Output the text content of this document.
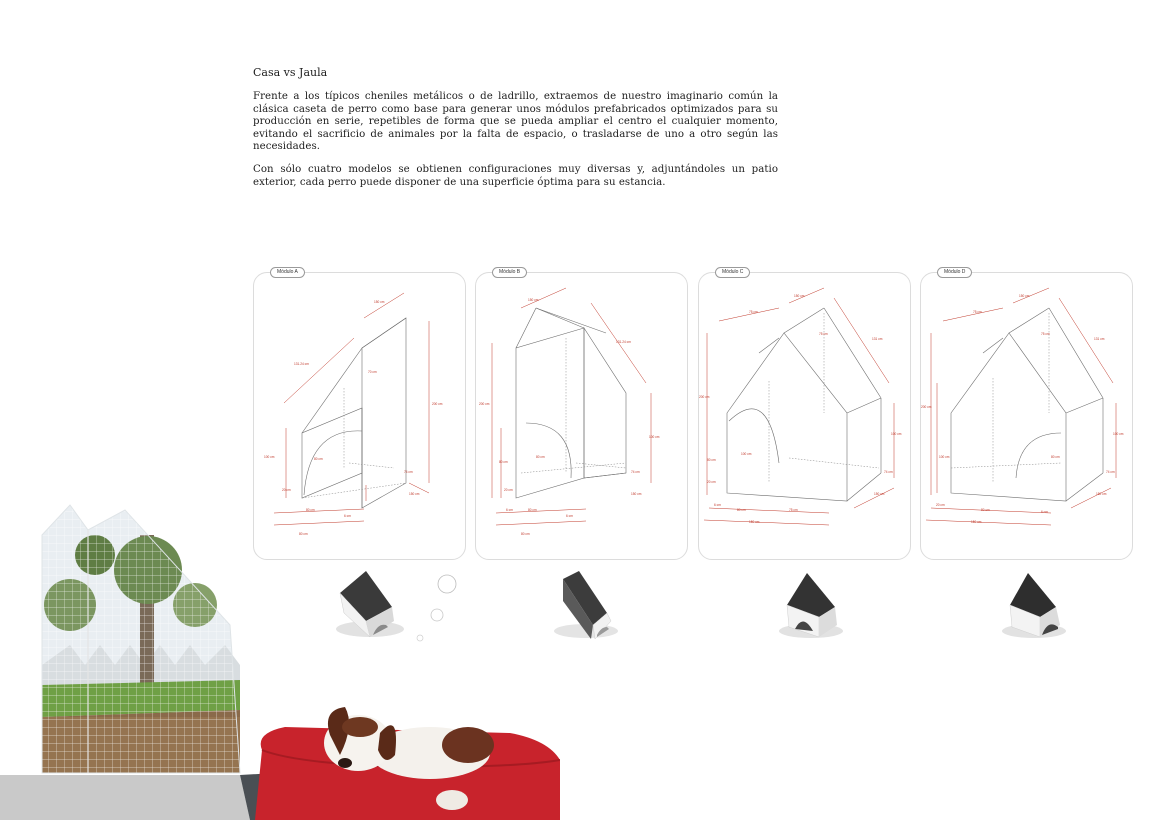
Casa vs Jaula

Frente a los típicos cheniles metálicos o de ladrillo, extraemos de nuestro imaginario común la clásica caseta de perro como base para generar unos módulos prefabricados optimizados para su producción en serie, repetibles de forma que se pueda ampliar el centro el cualquier momento, evitando el sacrificio de animales por la falta de espacio, o trasladarse de uno a otro según las necesidades.

Con sólo cuatro modelos se obtienen configuraciones muy diversas y, adjuntándoles un patio exterior, cada perro puede disponer de una superficie óptima para su estancia.

Módulo A
131.24 cm
150 cm
200 cm
100 cm
74 cm
80 cm
20 cm
80 cm
6 cm
80 cm
150 cm
70 cm
Módulo B
150 cm
131.24 cm
200 cm
100 cm
80 cm
80 cm
74 cm
20 cm
6 cm	80 cm
6 cm
80 cm
150 cm
Módulo C
75 cm
150 cm
131 cm
200 cm
100 cm
75 cm
100 cm
80 cm
20 cm
74 cm
6 cm
80 cm	75 cm
150 cm
150 cm
Módulo D
75 cm
150 cm
131 cm
200 cm
100 cm
100 cm
75 cm
80 cm
74 cm
20 cm
80 cm	6 cm
150 cm
150 cm
